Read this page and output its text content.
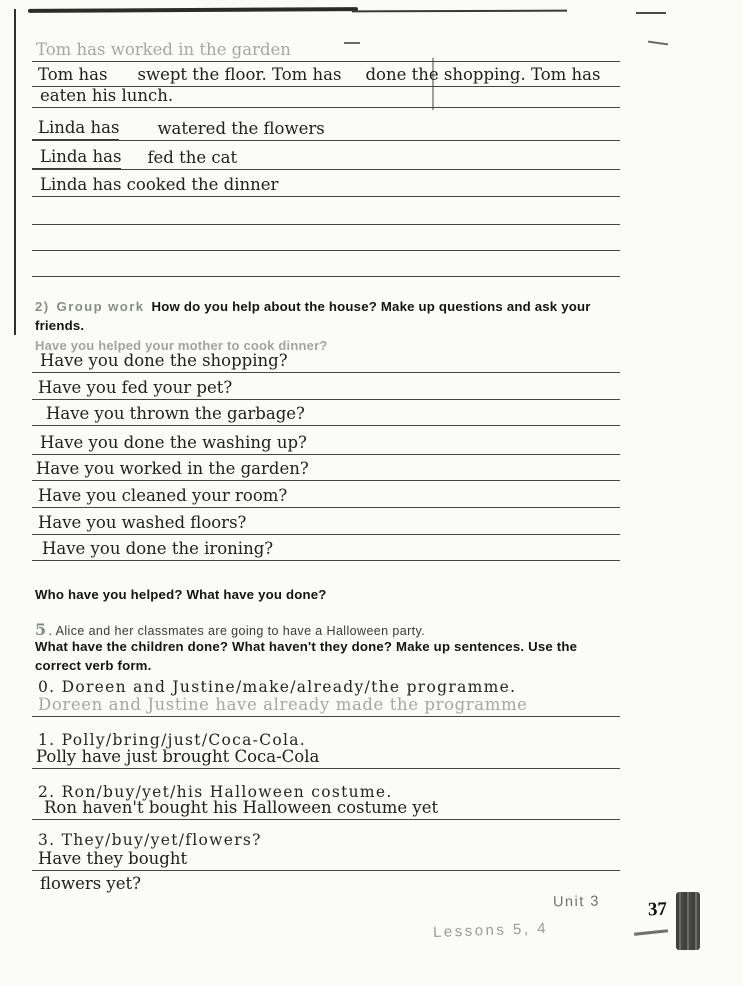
Tom has worked in the garden
Tom has swept the floor. Tom has done the shopping. Tom has
eaten his lunch.
Linda has watered the flowers
Linda has fed the cat
Linda has cooked the dinner
2) Group work How do you help about the house? Make up questions and ask your friends.
Have you helped your mother to cook dinner?
Have you done the shopping?
Have you fed your pet?
Have you thrown the garbage?
Have you done the washing up?
Have you worked in the garden?
Have you cleaned your room?
Have you washed floors?
Have you done the ironing?
Who have you helped? What have you done?
5 . Alice and her classmates are going to have a Halloween party.
What have the children done? What haven't they done? Make up sentences. Use the correct verb form.
0. Doreen and Justine/make/already/the programme.
Doreen and Justine have already made the programme
1. Polly/bring/just/Coca-Cola.
Polly have just brought Coca-Cola
2. Ron/buy/yet/his Halloween costume.
Ron haven't bought his Halloween costume yet
3. They/buy/yet/flowers?
Have they bought
flowers yet?
Unit 3
Lessons 5, 4
37
